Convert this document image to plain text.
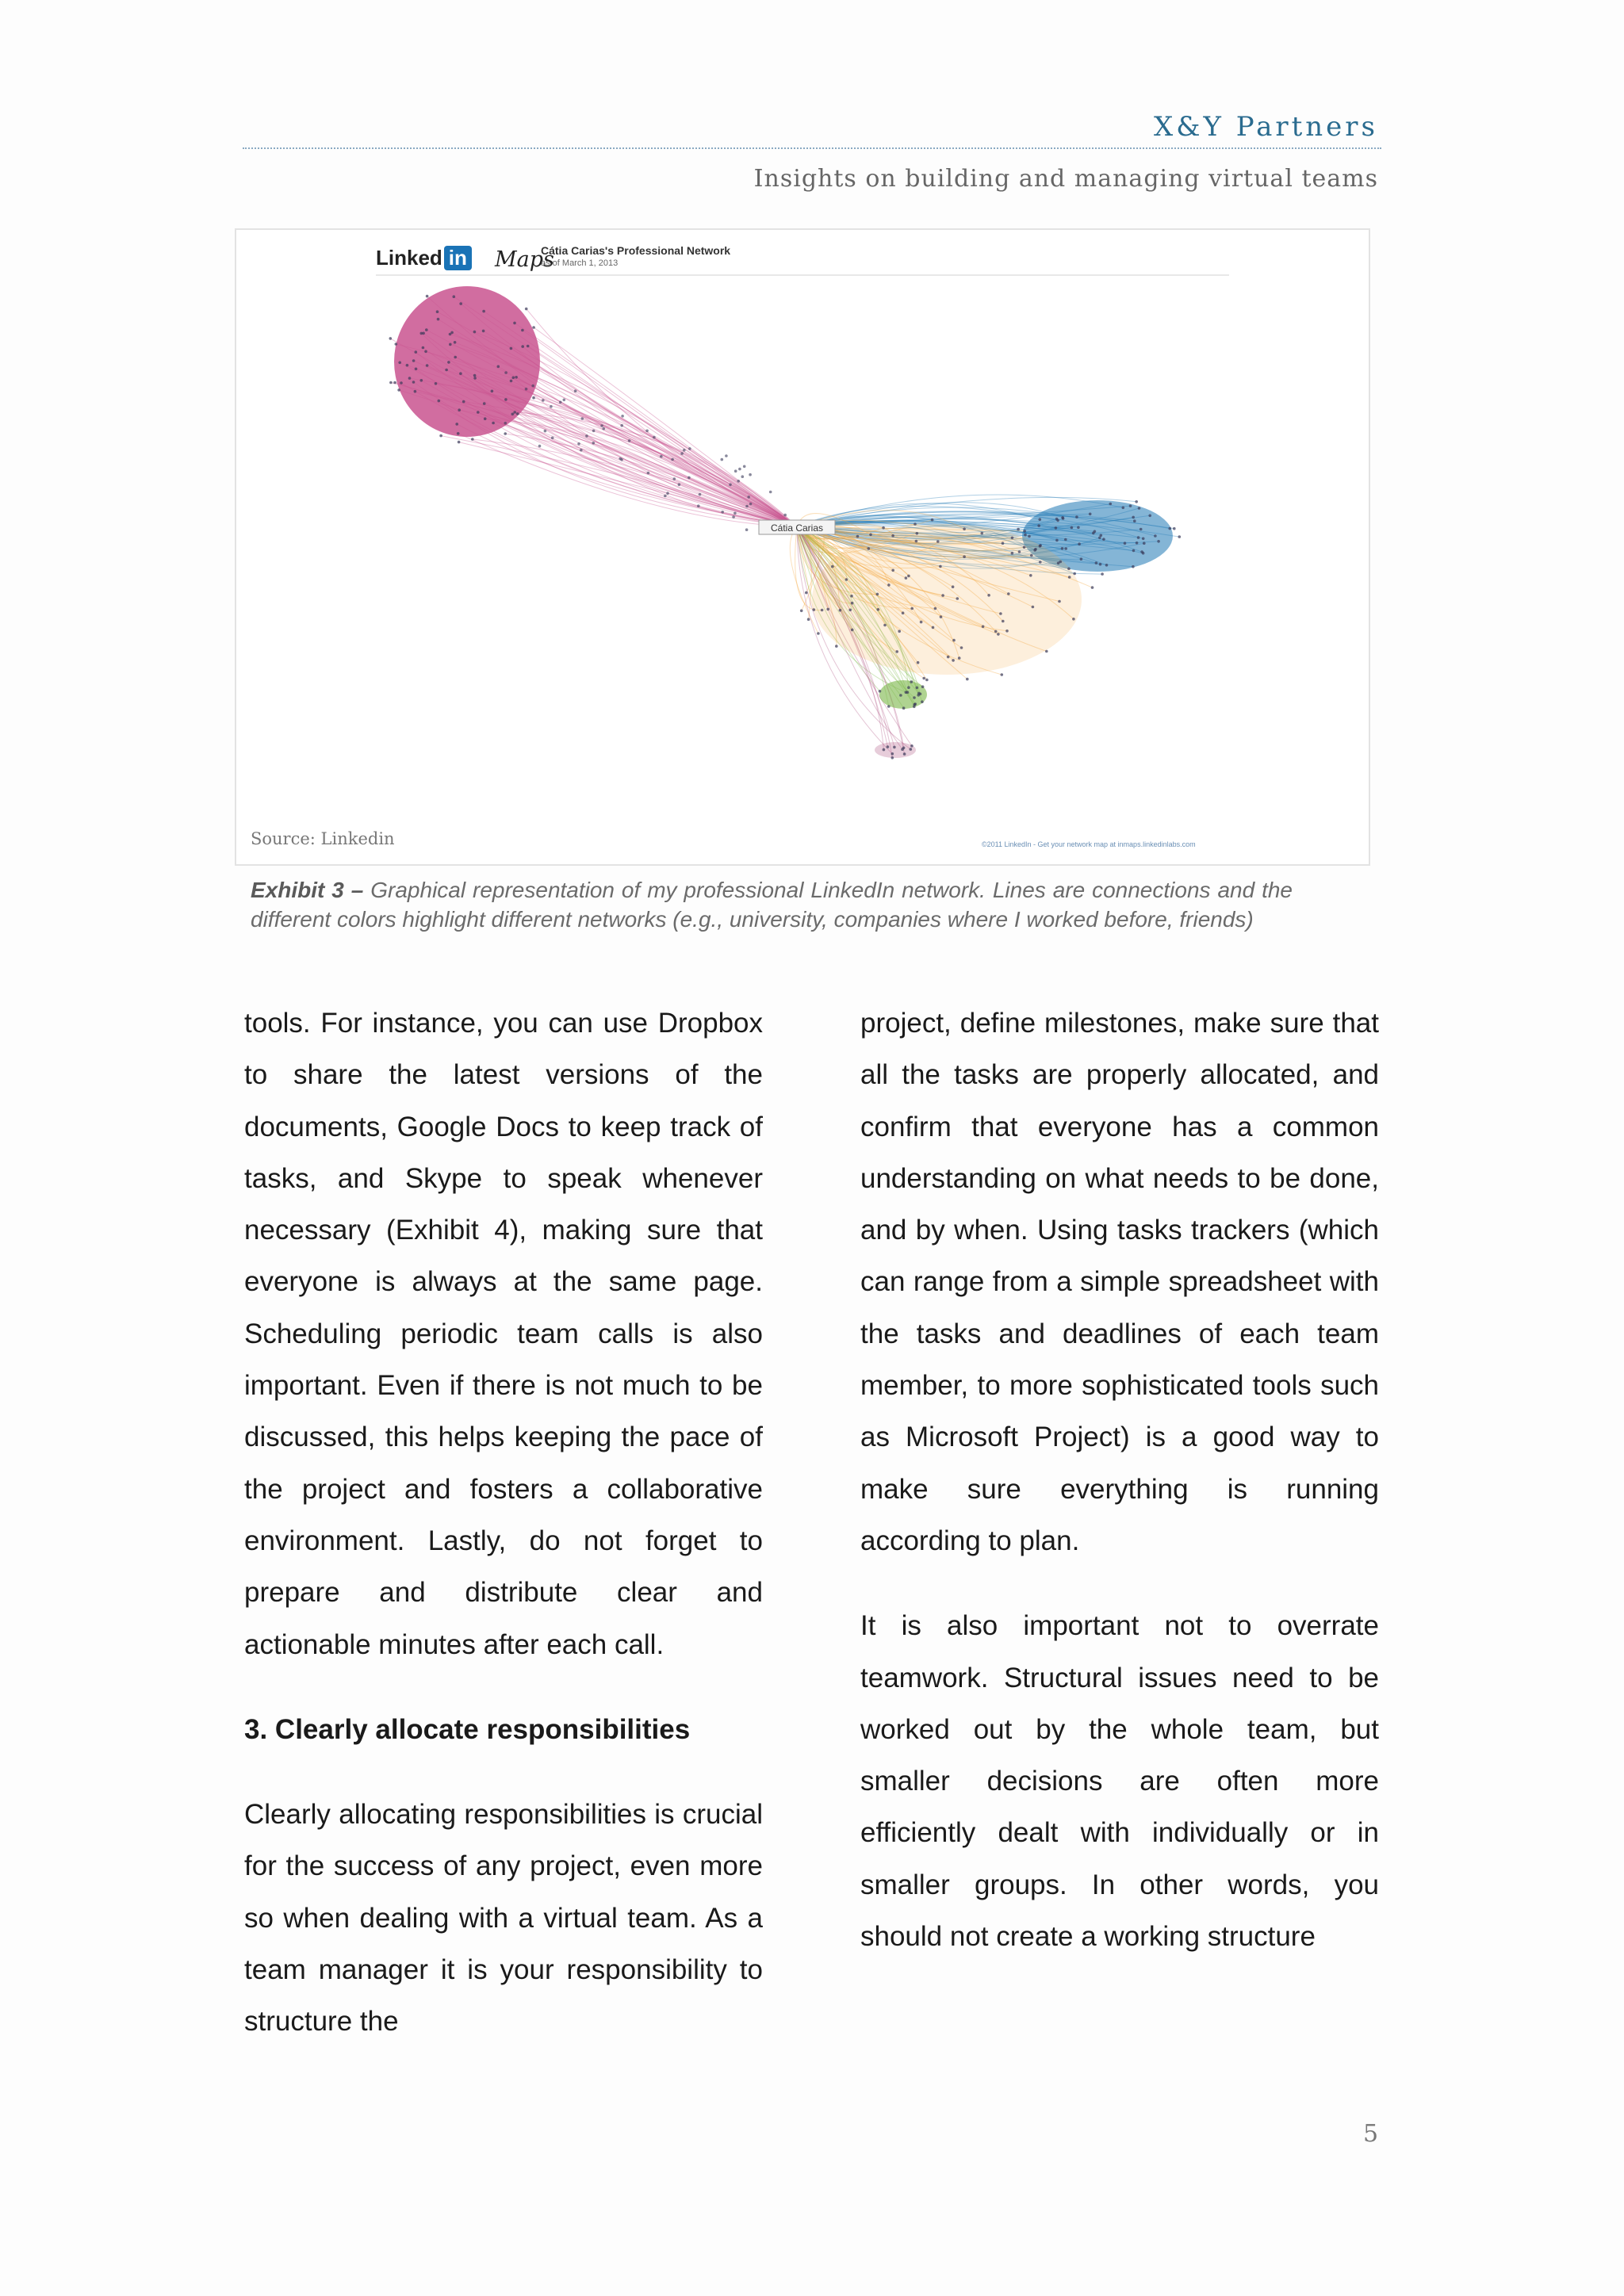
X&Y Partners
Insights on building and managing virtual teams
Linked in Maps
Cátia Carias's Professional Network
as of March 1, 2013
Cátia Carias
Source: Linkedin	©2011 LinkedIn - Get your network map at inmaps.linkedinlabs.com
Exhibit 3 – Graphical representation of my professional LinkedIn network. Lines are connections and the different colors highlight different networks (e.g., university, companies where I worked before, friends)

tools. For instance, you can use Dropbox to share the latest versions of the documents, Google Docs to keep track of tasks, and Skype to speak whenever necessary (Exhibit 4), making sure that everyone is always at the same page. Scheduling periodic team calls is also important. Even if there is not much to be discussed, this helps keeping the pace of the project and fosters a collaborative environment. Lastly, do not forget to prepare and distribute clear and actionable minutes after each call.

3. Clearly allocate responsibilities

Clearly allocating responsibilities is crucial for the success of any project, even more so when dealing with a virtual team. As a team manager it is your responsibility to structure the

project, define milestones, make sure that all the tasks are properly allocated, and confirm that everyone has a common understanding on what needs to be done, and by when. Using tasks trackers (which can range from a simple spreadsheet with the tasks and deadlines of each team member, to more sophisticated tools such as Microsoft Project) is a good way to make sure everything is running according to plan.

It is also important not to overrate teamwork. Structural issues need to be worked out by the whole team, but smaller decisions are often more efficiently dealt with individually or in smaller groups. In other words, you should not create a working structure

5
